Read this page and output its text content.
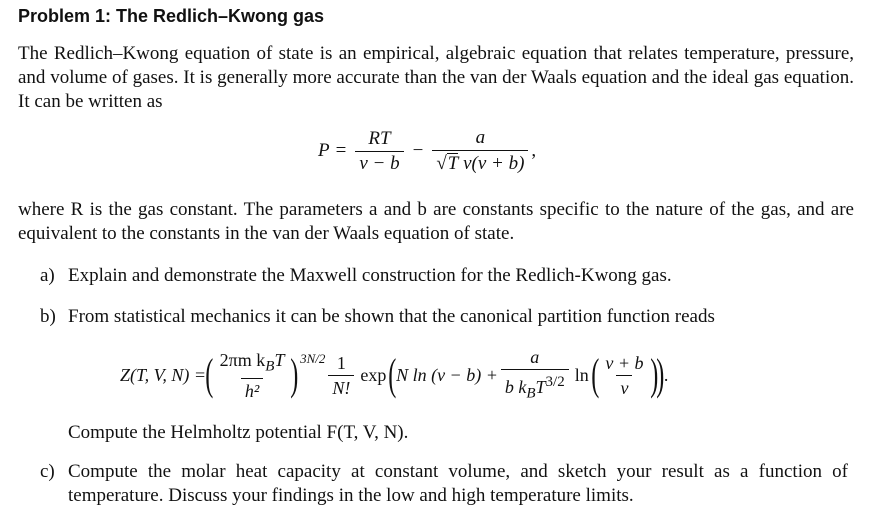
Problem 1: The Redlich–Kwong gas
The Redlich–Kwong equation of state is an empirical, algebraic equation that relates temperature, pressure, and volume of gases. It is generally more accurate than the van der Waals equation and the ideal gas equation. It can be written as
$P = \frac{RT}{v - b} - \frac{a}{\text{√T v(v + b)}}$ ,
where R is the gas constant. The parameters a and b are constants specific to the nature of the gas, and are equivalent to the constants in the van der Waals equation of state.
a) Explain and demonstrate the Maxwell construction for the Redlich-Kwong gas.
b) From statistical mechanics it can be shown that the canonical partition function reads
Z(T, V, N) = ( $\frac{2\pi m k_BT}{\text{h²}}$ ) $3N/2 \frac{1}{N!}$ exp ( N $\ln (v - b) + \frac{a}{b k_BT^{3/2}}$ ln ( $\frac{v + b}{v}$ )
) .
Compute the Helmholtz potential F(T, V, N).
c) Compute the molar heat capacity at constant volume, and sketch your result as a function of temperature. Discuss your findings in the low and high temperature limits.
